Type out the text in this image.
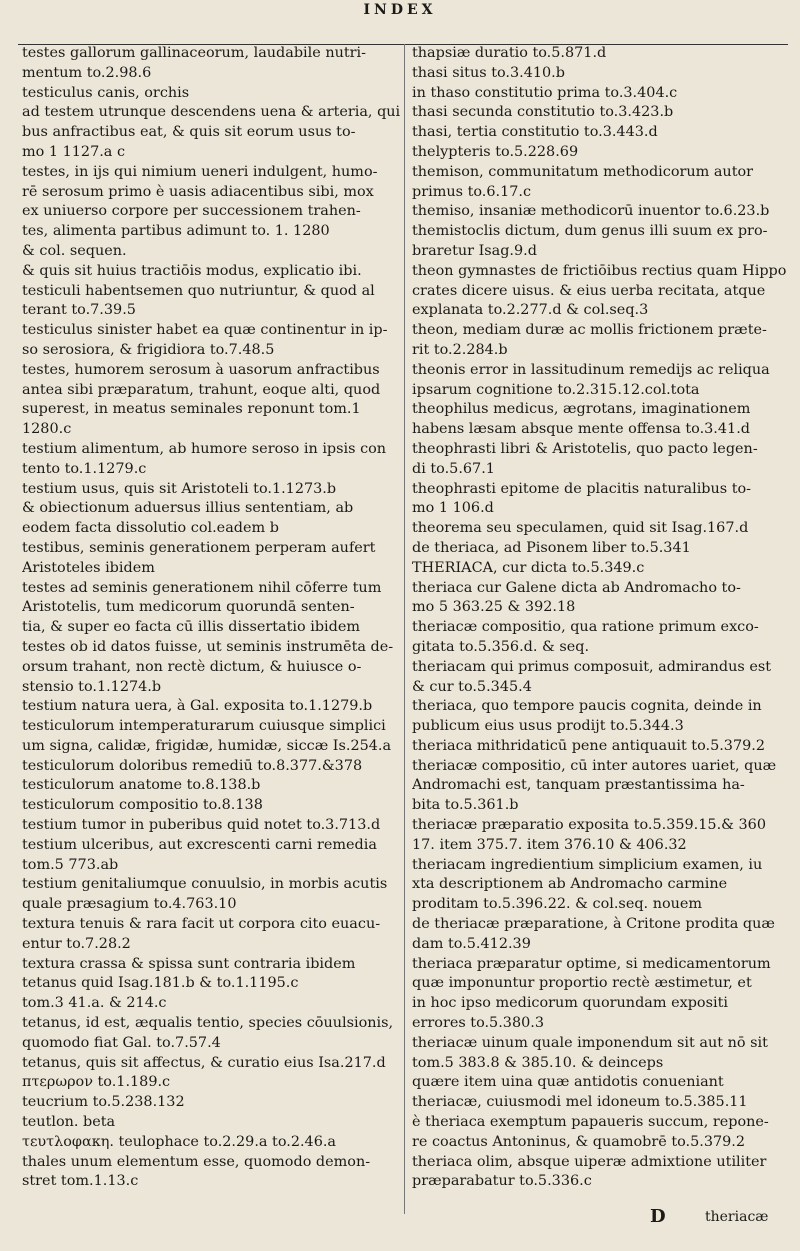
INDEX
testes gallorum gallinaceorum, laudabile nutri-
mentum to.2.98.6
testiculus canis, orchis
ad testem utrunque descendens uena & arteria, qui
bus anfractibus eat, & quis sit eorum usus to-
mo 1 1127.a c
testes, in ijs qui nimium ueneri indulgent, humo-
rē serosum primo è uasis adiacentibus sibi, mox
ex uniuerso corpore per successionem trahen-
tes, alimenta partibus adimunt to. 1. 1280
& col. sequen.
& quis sit huius tractiōis modus, explicatio ibi.
testiculi habentsemen quo nutriuntur, & quod al
terant to.7.39.5
testiculus sinister habet ea quæ continentur in ip-
so serosiora, & frigidiora to.7.48.5
testes, humorem serosum à uasorum anfractibus
antea sibi præparatum, trahunt, eoque alti, quod
superest, in meatus seminales reponunt tom.1
1280.c
testium alimentum, ab humore seroso in ipsis con
tento to.1.1279.c
testium usus, quis sit Aristoteli to.1.1273.b
& obiectionum aduersus illius sententiam, ab
eodem facta dissolutio col.eadem b
testibus, seminis generationem perperam aufert
Aristoteles ibidem
testes ad seminis generationem nihil cōferre tum
Aristotelis, tum medicorum quorundā senten-
tia, & super eo facta cū illis dissertatio ibidem
testes ob id datos fuisse, ut seminis instrumēta de-
orsum trahant, non rectè dictum, & huiusce o-
stensio to.1.1274.b
testium natura uera, à Gal. exposita to.1.1279.b
testiculorum intemperaturarum cuiusque simplici
um signa, calidæ, frigidæ, humidæ, siccæ Is.254.a
testiculorum doloribus remediū to.8.377.&378
testiculorum anatome to.8.138.b
testiculorum compositio to.8.138
testium tumor in puberibus quid notet to.3.713.d
testium ulceribus, aut excrescenti carni remedia
tom.5 773.ab
testium genitaliumque conuulsio, in morbis acutis
quale præsagium to.4.763.10
textura tenuis & rara facit ut corpora cito euacu-
entur to.7.28.2
textura crassa & spissa sunt contraria ibidem
tetanus quid Isag.181.b & to.1.1195.c
tom.3 41.a. & 214.c
tetanus, id est, æqualis tentio, species cōuulsionis,
quomodo fiat Gal. to.7.57.4
tetanus, quis sit affectus, & curatio eius Isa.217.d
πτερωρον to.1.189.c
teucrium to.5.238.132
teutlon. beta
τευτλοφακη. teulophace to.2.29.a to.2.46.a
thales unum elementum esse, quomodo demon-
stret tom.1.13.c
thapsiæ duratio to.5.871.d
thasi situs to.3.410.b
in thaso constitutio prima to.3.404.c
thasi secunda constitutio to.3.423.b
thasi, tertia constitutio to.3.443.d
thelypteris to.5.228.69
themison, communitatum methodicorum autor
primus to.6.17.c
themiso, insaniæ methodicorū inuentor to.6.23.b
themistoclis dictum, dum genus illi suum ex pro-
braretur Isag.9.d
theon gymnastes de frictiōibus rectius quam Hippo
crates dicere uisus. & eius uerba recitata, atque
explanata to.2.277.d & col.seq.3
theon, mediam duræ ac mollis frictionem præte-
rit to.2.284.b
theonis error in lassitudinum remedijs ac reliqua
ipsarum cognitione to.2.315.12.col.tota
theophilus medicus, ægrotans, imaginationem
habens læsam absque mente offensa to.3.41.d
theophrasti libri & Aristotelis, quo pacto legen-
di to.5.67.1
theophrasti epitome de placitis naturalibus to-
mo 1 106.d
theorema seu speculamen, quid sit Isag.167.d
de theriaca, ad Pisonem liber to.5.341
THERIACA, cur dicta to.5.349.c
theriaca cur Galene dicta ab Andromacho to-
mo 5 363.25 & 392.18
theriacæ compositio, qua ratione primum exco-
gitata to.5.356.d. & seq.
theriacam qui primus composuit, admirandus est
& cur to.5.345.4
theriaca, quo tempore paucis cognita, deinde in
publicum eius usus prodijt to.5.344.3
theriaca mithridaticū pene antiquauit to.5.379.2
theriacæ compositio, cū inter autores uariet, quæ
Andromachi est, tanquam præstantissima ha-
bita to.5.361.b
theriacæ præparatio exposita to.5.359.15.& 360
17. item 375.7. item 376.10 & 406.32
theriacam ingredientium simplicium examen, iu
xta descriptionem ab Andromacho carmine
proditam to.5.396.22. & col.seq. nouem
de theriacæ præparatione, à Critone prodita quæ
dam to.5.412.39
theriaca præparatur optime, si medicamentorum
quæ imponuntur proportio rectè æstimetur, et
in hoc ipso medicorum quorundam expositi
errores to.5.380.3
theriacæ uinum quale imponendum sit aut nō sit
tom.5 383.8 & 385.10. & deinceps
quære item uina quæ antidotis conueniant
theriacæ, cuiusmodi mel idoneum to.5.385.11
è theriaca exemptum papaueris succum, repone-
re coactus Antoninus, & quamobrē to.5.379.2
theriaca olim, absque uiperæ admixtione utiliter
præparabatur to.5.336.c
D	theriacæ
